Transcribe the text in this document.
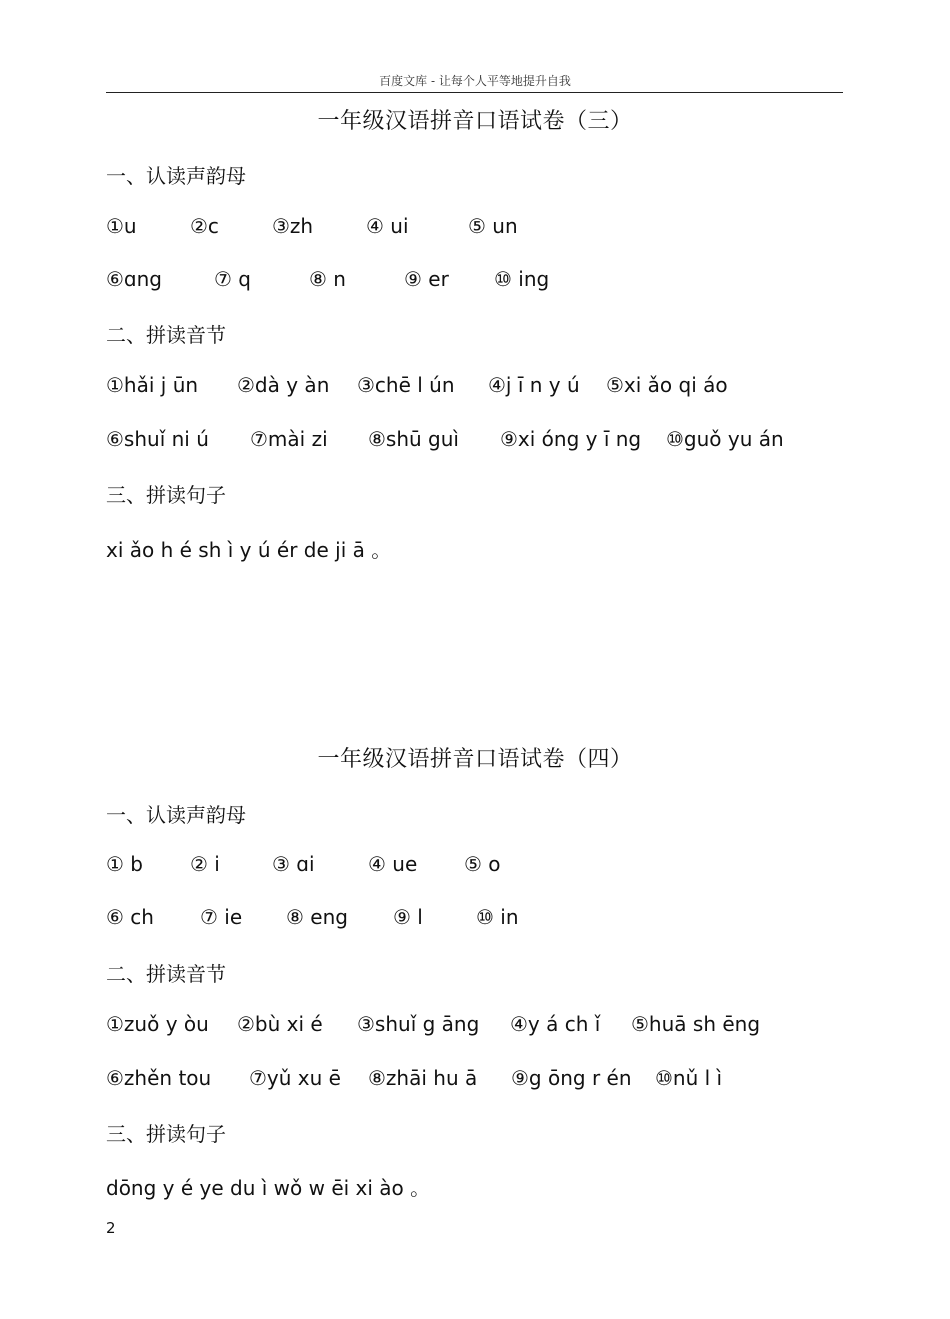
百度文库 - 让每个人平等地提升自我
一年级汉语拼音口语试卷（三）
一、认读声韵母
①u	②c	③zh	④ ui	⑤ un
⑥ɑng	⑦ q	⑧ n	⑨ er ⑩ ing
二、拼读音节
①hǎi j ūn ②dà y àn ③chē l ún ④j ī n y ú ⑤xi ǎo qi áo
⑥shuǐ ni ú ⑦mài zi ⑧shū guì ⑨xi óng y ī ng ⑩guǒ yu án
三、拼读句子
xi ǎo h é sh ì y ú ér de ji ā 。
一年级汉语拼音口语试卷（四）
一、认读声韵母
① b ② i	③ ɑi	④ ue ⑤ o
⑥ ch ⑦ ie ⑧ eng ⑨ l	⑩ in
二、拼读音节
①zuǒ y òu ②bù xi é ③shuǐ g āng ④y á ch ǐ ⑤huā sh ēng
⑥zhěn tou ⑦yǔ xu ē ⑧zhāi hu ā ⑨g ōng r én ⑩nǔ l ì
三、拼读句子
dōng y é ye du ì wǒ w ēi xi ào 。
2
